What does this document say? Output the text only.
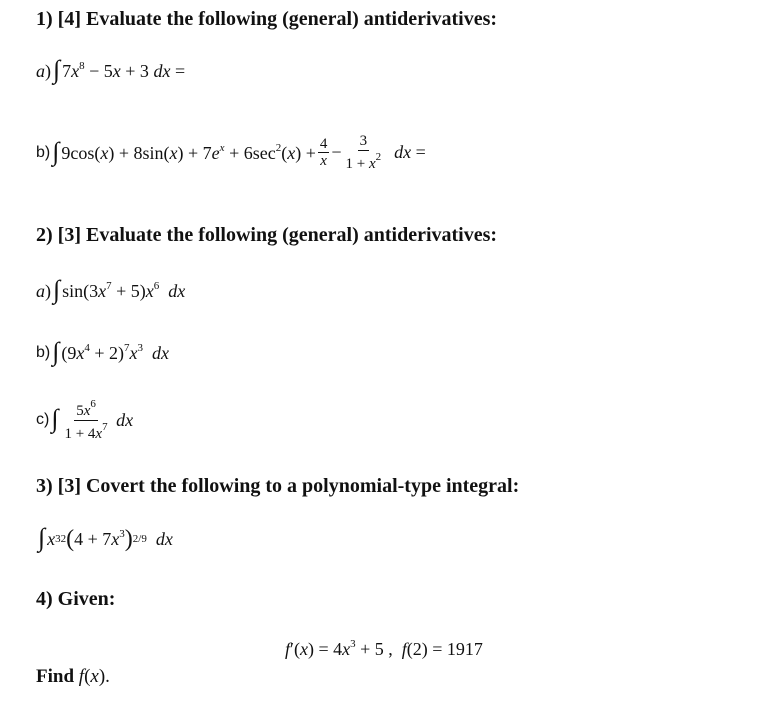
1) [4] Evaluate the following (general) antiderivatives:
a ) ∫ $7x^8 - 5x + 3$ dx =
b) ∫ $9\cos(x) + 8\sin(x) + 7e^x + 6\sec^2(x) + \frac{4}{x} - \frac{3}{1 + x^2}$ dx =
2) [3] Evaluate the following (general) antiderivatives:
a ) ∫ $\sin(3x^7 + 5)x^6$ dx
b) ∫ $(9x^4 + 2)^7x^3$ dx
c) ∫ $\frac{5x^6}{1 + 4x^7}$ dx
3) [3] Covert the following to a polynomial-type integral:
∫ x 32 ( $4 + 7x^3$ ) 2/9 dx
4) Given:
f $'(x) = 4x^3 + 5$ ,  f(2) = 1917
Find f (x).
